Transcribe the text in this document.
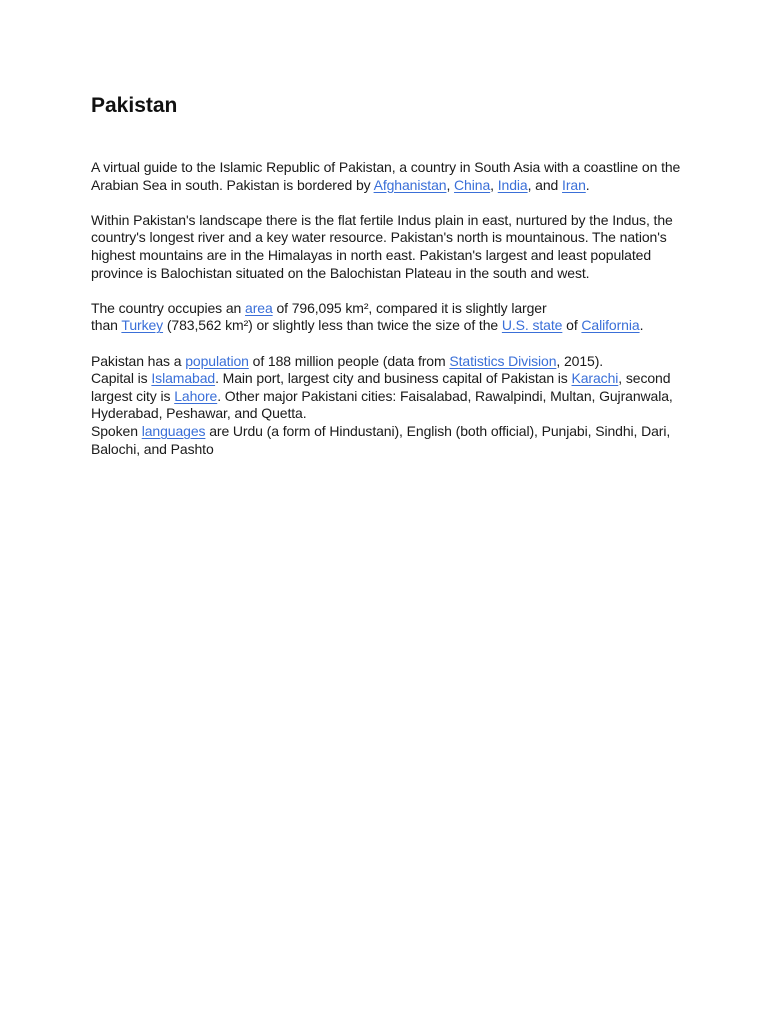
Pakistan

A virtual guide to the Islamic Republic of Pakistan, a country in South Asia with a coastline on the Arabian Sea in south. Pakistan is bordered by Afghanistan, China, India, and Iran.

Within Pakistan's landscape there is the flat fertile Indus plain in east, nurtured by the Indus, the country's longest river and a key water resource. Pakistan's north is mountainous. The nation's highest mountains are in the Himalayas in north east. Pakistan's largest and least populated province is Balochistan situated on the Balochistan Plateau in the south and west.

The country occupies an area of 796,095 km², compared it is slightly larger
than Turkey (783,562 km²) or slightly less than twice the size of the U.S. state of California.

Pakistan has a population of 188 million people (data from Statistics Division, 2015).

Capital is Islamabad. Main port, largest city and business capital of Pakistan is Karachi, second largest city is Lahore. Other major Pakistani cities: Faisalabad, Rawalpindi, Multan, Gujranwala, Hyderabad, Peshawar, and Quetta.

Spoken languages are Urdu (a form of Hindustani), English (both official), Punjabi, Sindhi, Dari, Balochi, and Pashto
